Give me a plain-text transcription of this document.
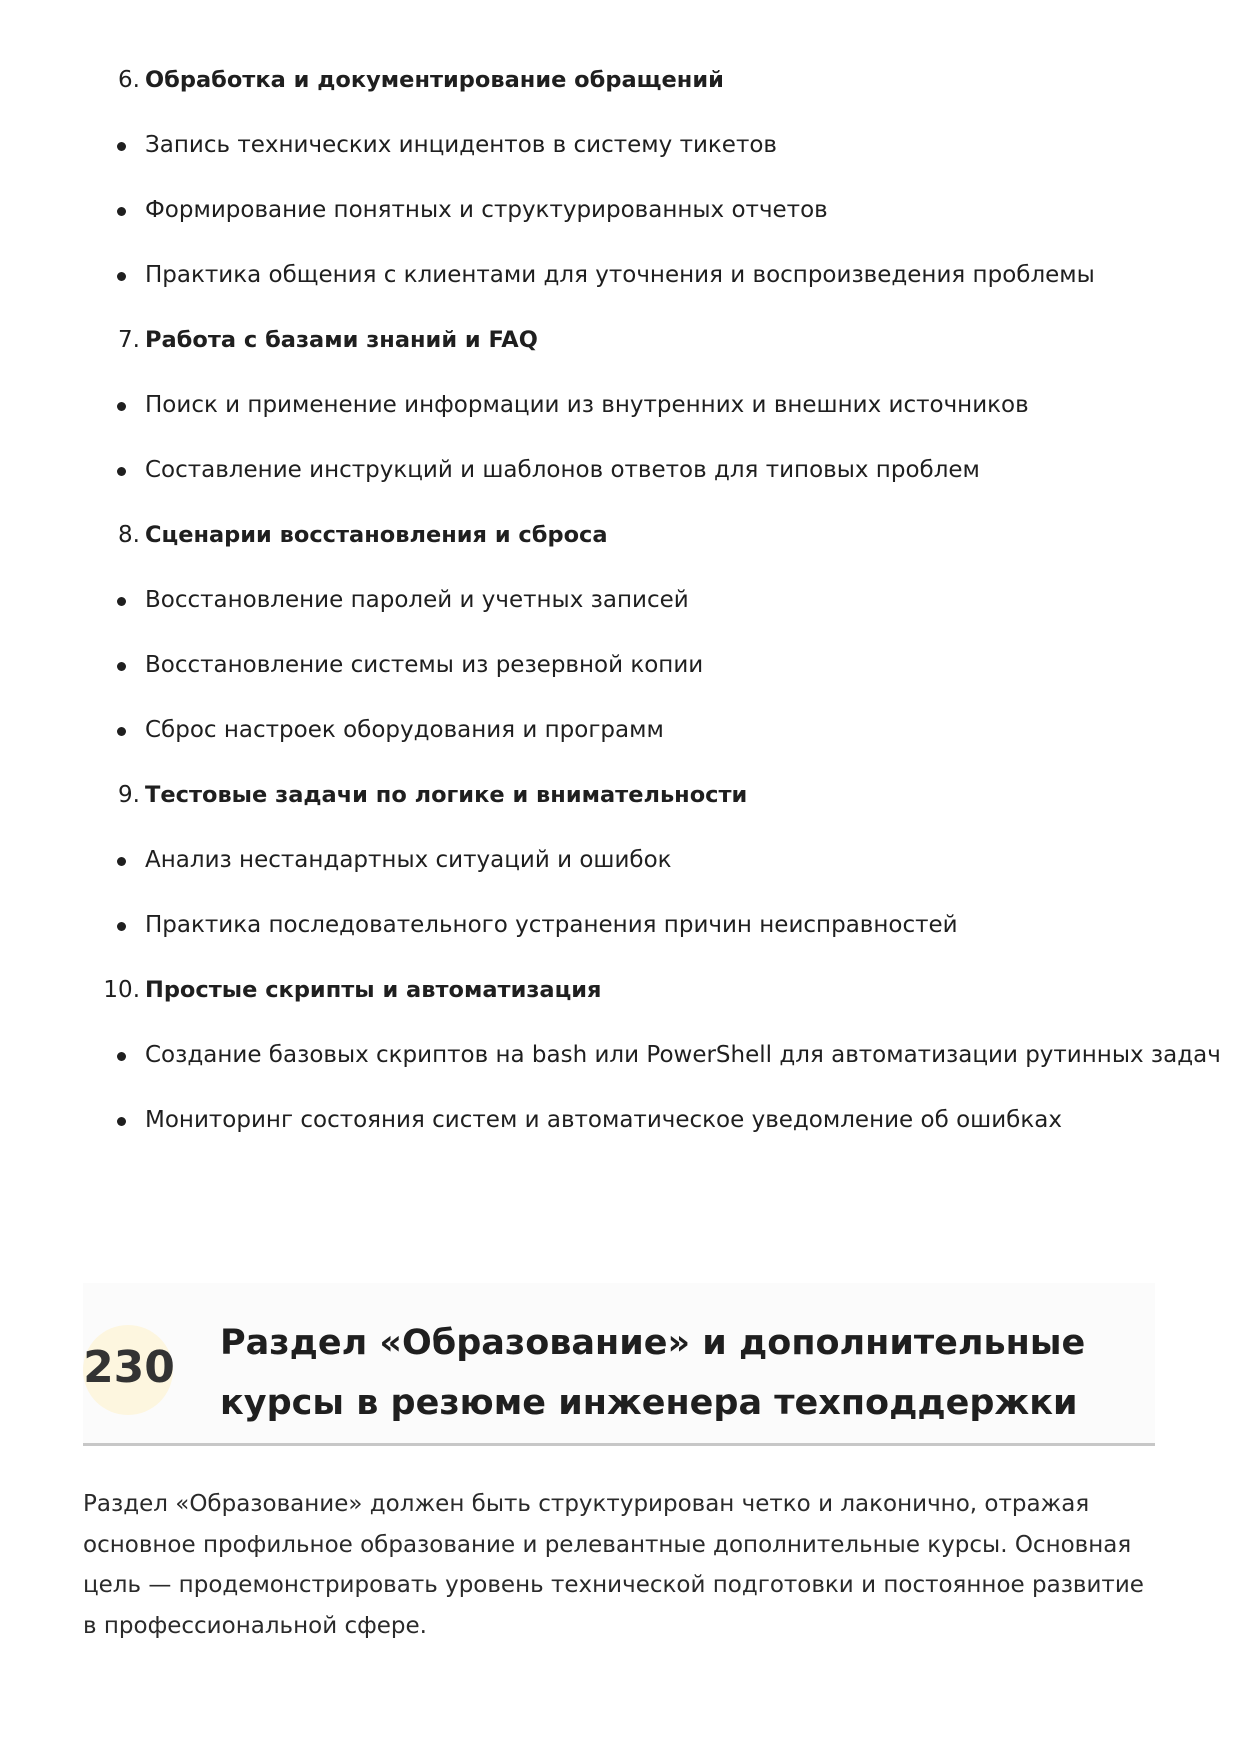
6. Обработка и документирование обращений
Запись технических инцидентов в систему тикетов
Формирование понятных и структурированных отчетов
Практика общения с клиентами для уточнения и воспроизведения проблемы
7. Работа с базами знаний и FAQ
Поиск и применение информации из внутренних и внешних источников
Составление инструкций и шаблонов ответов для типовых проблем
8. Сценарии восстановления и сброса
Восстановление паролей и учетных записей
Восстановление системы из резервной копии
Сброс настроек оборудования и программ
9. Тестовые задачи по логике и внимательности
Анализ нестандартных ситуаций и ошибок
Практика последовательного устранения причин неисправностей
10. Простые скрипты и автоматизация
Создание базовых скриптов на bash или PowerShell для автоматизации рутинных задач
Мониторинг состояния систем и автоматическое уведомление об ошибках
230 Раздел «Образование» и дополнительные курсы в резюме инженера техподдержки
Раздел «Образование» должен быть структурирован четко и лаконично, отражая основное профильное образование и релевантные дополнительные курсы. Основная цель — продемонстрировать уровень технической подготовки и постоянное развитие в профессиональной сфере.
